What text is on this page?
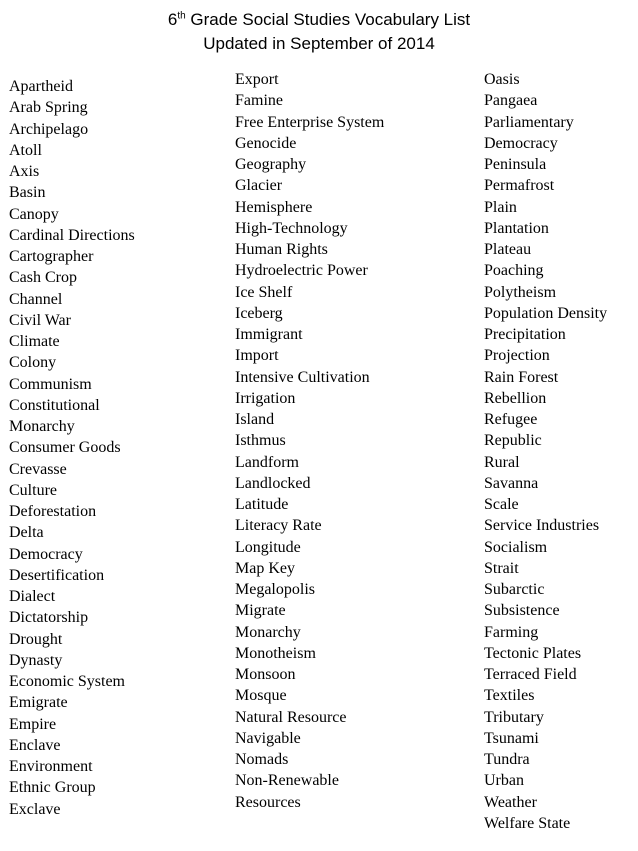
6th Grade Social Studies Vocabulary List
Updated in September of 2014
Apartheid
Arab Spring
Archipelago
Atoll
Axis
Basin
Canopy
Cardinal Directions
Cartographer
Cash Crop
Channel
Civil War
Climate
Colony
Communism
Constitutional
Monarchy
Consumer Goods
Crevasse
Culture
Deforestation
Delta
Democracy
Desertification
Dialect
Dictatorship
Drought
Dynasty
Economic System
Emigrate
Empire
Enclave
Environment
Ethnic Group
Exclave
Export
Famine
Free Enterprise System
Genocide
Geography
Glacier
Hemisphere
High-Technology
Human Rights
Hydroelectric Power
Ice Shelf
Iceberg
Immigrant
Import
Intensive Cultivation
Irrigation
Island
Isthmus
Landform
Landlocked
Latitude
Literacy Rate
Longitude
Map Key
Megalopolis
Migrate
Monarchy
Monotheism
Monsoon
Mosque
Natural Resource
Navigable
Nomads
Non-Renewable
Resources
Oasis
Pangaea
Parliamentary
Democracy
Peninsula
Permafrost
Plain
Plantation
Plateau
Poaching
Polytheism
Population Density
Precipitation
Projection
Rain Forest
Rebellion
Refugee
Republic
Rural
Savanna
Scale
Service Industries
Socialism
Strait
Subarctic
Subsistence
Farming
Tectonic Plates
Terraced Field
Textiles
Tributary
Tsunami
Tundra
Urban
Weather
Welfare State
